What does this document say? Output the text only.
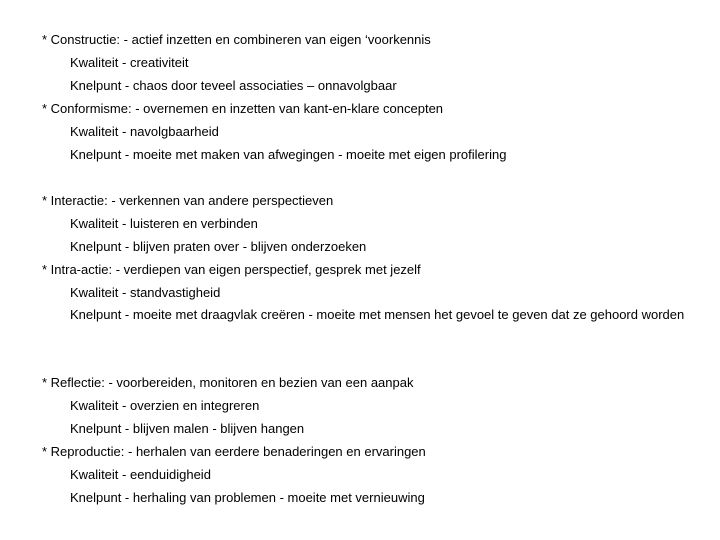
* Constructie: - actief inzetten en combineren van eigen ‘voorkennis
Kwaliteit - creativiteit
Knelpunt - chaos door teveel associaties – onnavolgbaar
* Conformisme: - overnemen en inzetten van kant-en-klare concepten
Kwaliteit - navolgbaarheid
Knelpunt - moeite met maken van afwegingen - moeite met eigen profilering
* Interactie: - verkennen van andere perspectieven
Kwaliteit - luisteren en verbinden
Knelpunt - blijven praten over - blijven onderzoeken
* Intra-actie: - verdiepen van eigen perspectief, gesprek met jezelf
Kwaliteit - standvastigheid
Knelpunt - moeite met draagvlak creëren - moeite met mensen het gevoel te geven dat ze gehoord worden
* Reflectie: - voorbereiden, monitoren en bezien van een aanpak
Kwaliteit - overzien en integreren
Knelpunt - blijven malen - blijven hangen
* Reproductie: - herhalen van eerdere benaderingen en ervaringen
Kwaliteit - eenduidigheid
Knelpunt - herhaling van problemen - moeite met vernieuwing
